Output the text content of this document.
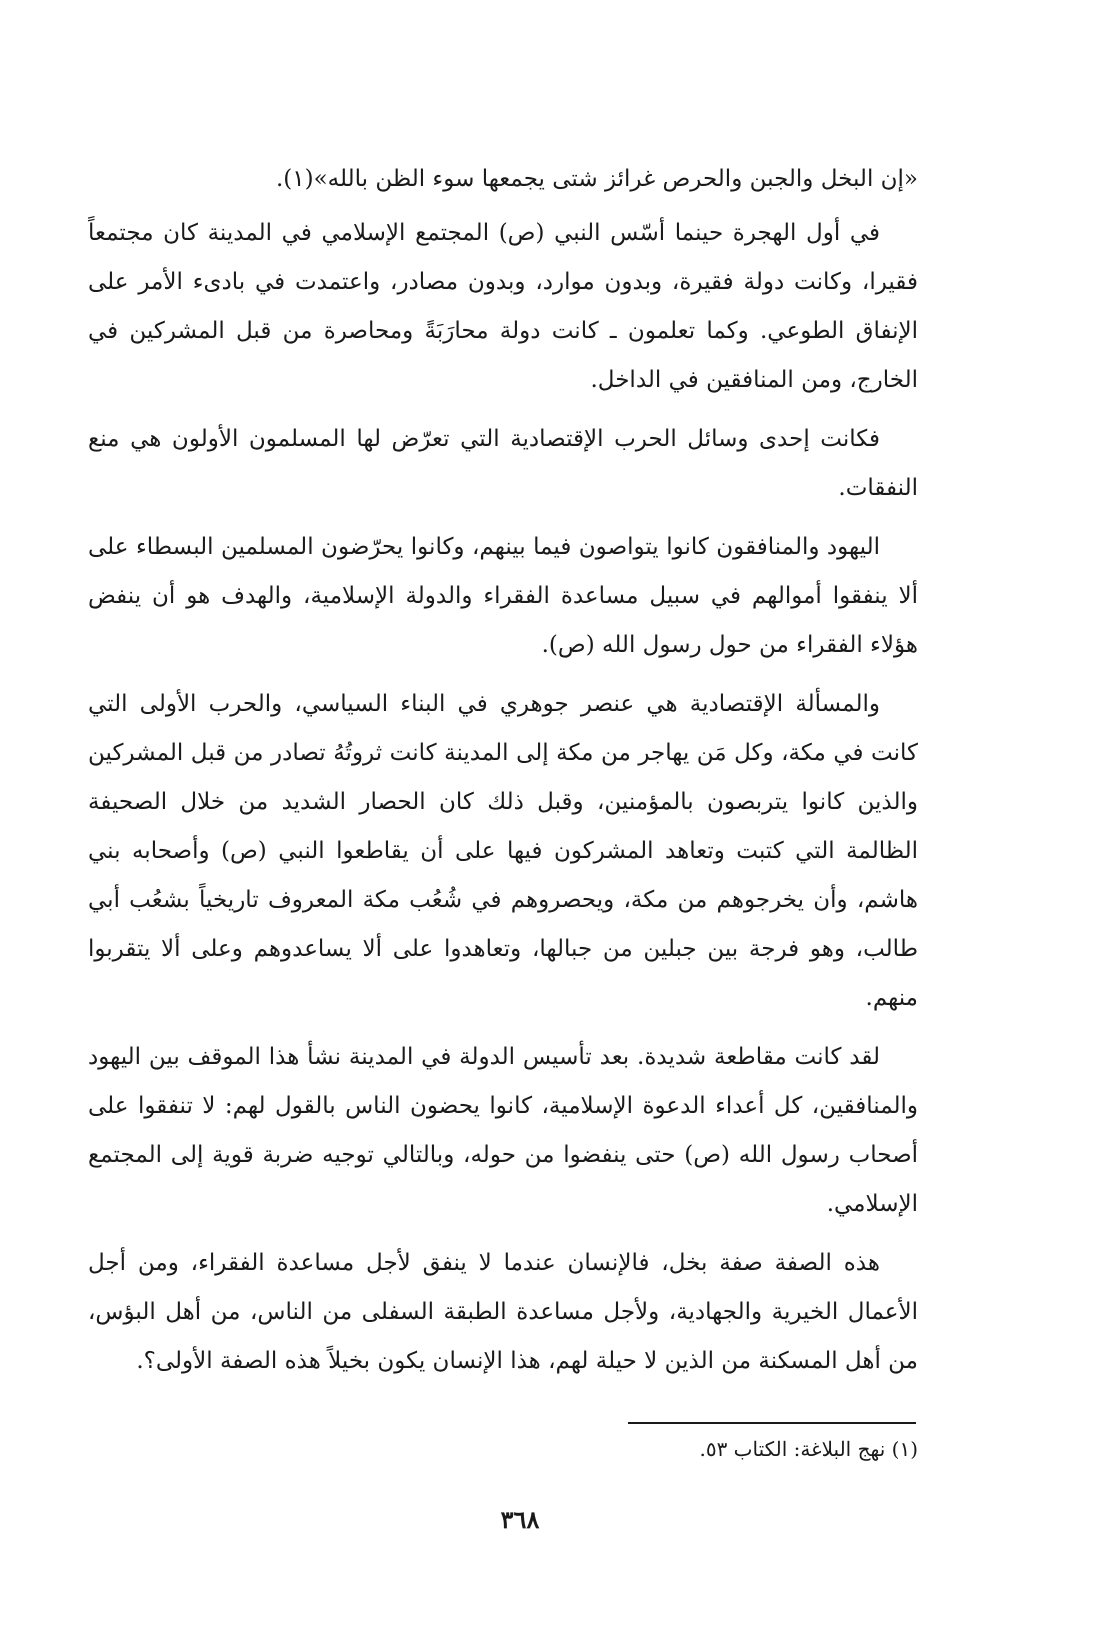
«إن البخل والجبن والحرص غرائز شتى يجمعها سوء الظن بالله»(١).

في أول الهجرة حينما أسّس النبي (ص) المجتمع الإسلامي في المدينة كان مجتمعاً فقيرا، وكانت دولة فقيرة، وبدون موارد، وبدون مصادر، واعتمدت في بادىء الأمر على الإنفاق الطوعي. وكما تعلمون ـ كانت دولة محارَبَةً ومحاصرة من قبل المشركين في الخارج، ومن المنافقين في الداخل.

فكانت إحدى وسائل الحرب الإقتصادية التي تعرّض لها المسلمون الأولون هي منع النفقات.

اليهود والمنافقون كانوا يتواصون فيما بينهم، وكانوا يحرّضون المسلمين البسطاء على ألا ينفقوا أموالهم في سبيل مساعدة الفقراء والدولة الإسلامية، والهدف هو أن ينفض هؤلاء الفقراء من حول رسول الله (ص).

والمسألة الإقتصادية هي عنصر جوهري في البناء السياسي، والحرب الأولى التي كانت في مكة، وكل مَن يهاجر من مكة إلى المدينة كانت ثروتُهُ تصادر من قبل المشركين والذين كانوا يتربصون بالمؤمنين، وقبل ذلك كان الحصار الشديد من خلال الصحيفة الظالمة التي كتبت وتعاهد المشركون فيها على أن يقاطعوا النبي (ص) وأصحابه بني هاشم، وأن يخرجوهم من مكة، ويحصروهم في شُعُب مكة المعروف تاريخياً بشعُب أبي طالب، وهو فرجة بين جبلين من جبالها، وتعاهدوا على ألا يساعدوهم وعلى ألا يتقربوا منهم.

لقد كانت مقاطعة شديدة. بعد تأسيس الدولة في المدينة نشأ هذا الموقف بين اليهود والمنافقين، كل أعداء الدعوة الإسلامية، كانوا يحضون الناس بالقول لهم: لا تنفقوا على أصحاب رسول الله (ص) حتى ينفضوا من حوله، وبالتالي توجيه ضربة قوية إلى المجتمع الإسلامي.

هذه الصفة صفة بخل، فالإنسان عندما لا ينفق لأجل مساعدة الفقراء، ومن أجل الأعمال الخيرية والجهادية، ولأجل مساعدة الطبقة السفلى من الناس، من أهل البؤس، من أهل المسكنة من الذين لا حيلة لهم، هذا الإنسان يكون بخيلاً هذه الصفة الأولى؟.

(١) نهج البلاغة: الكتاب ٥٣.
٣٦٨
